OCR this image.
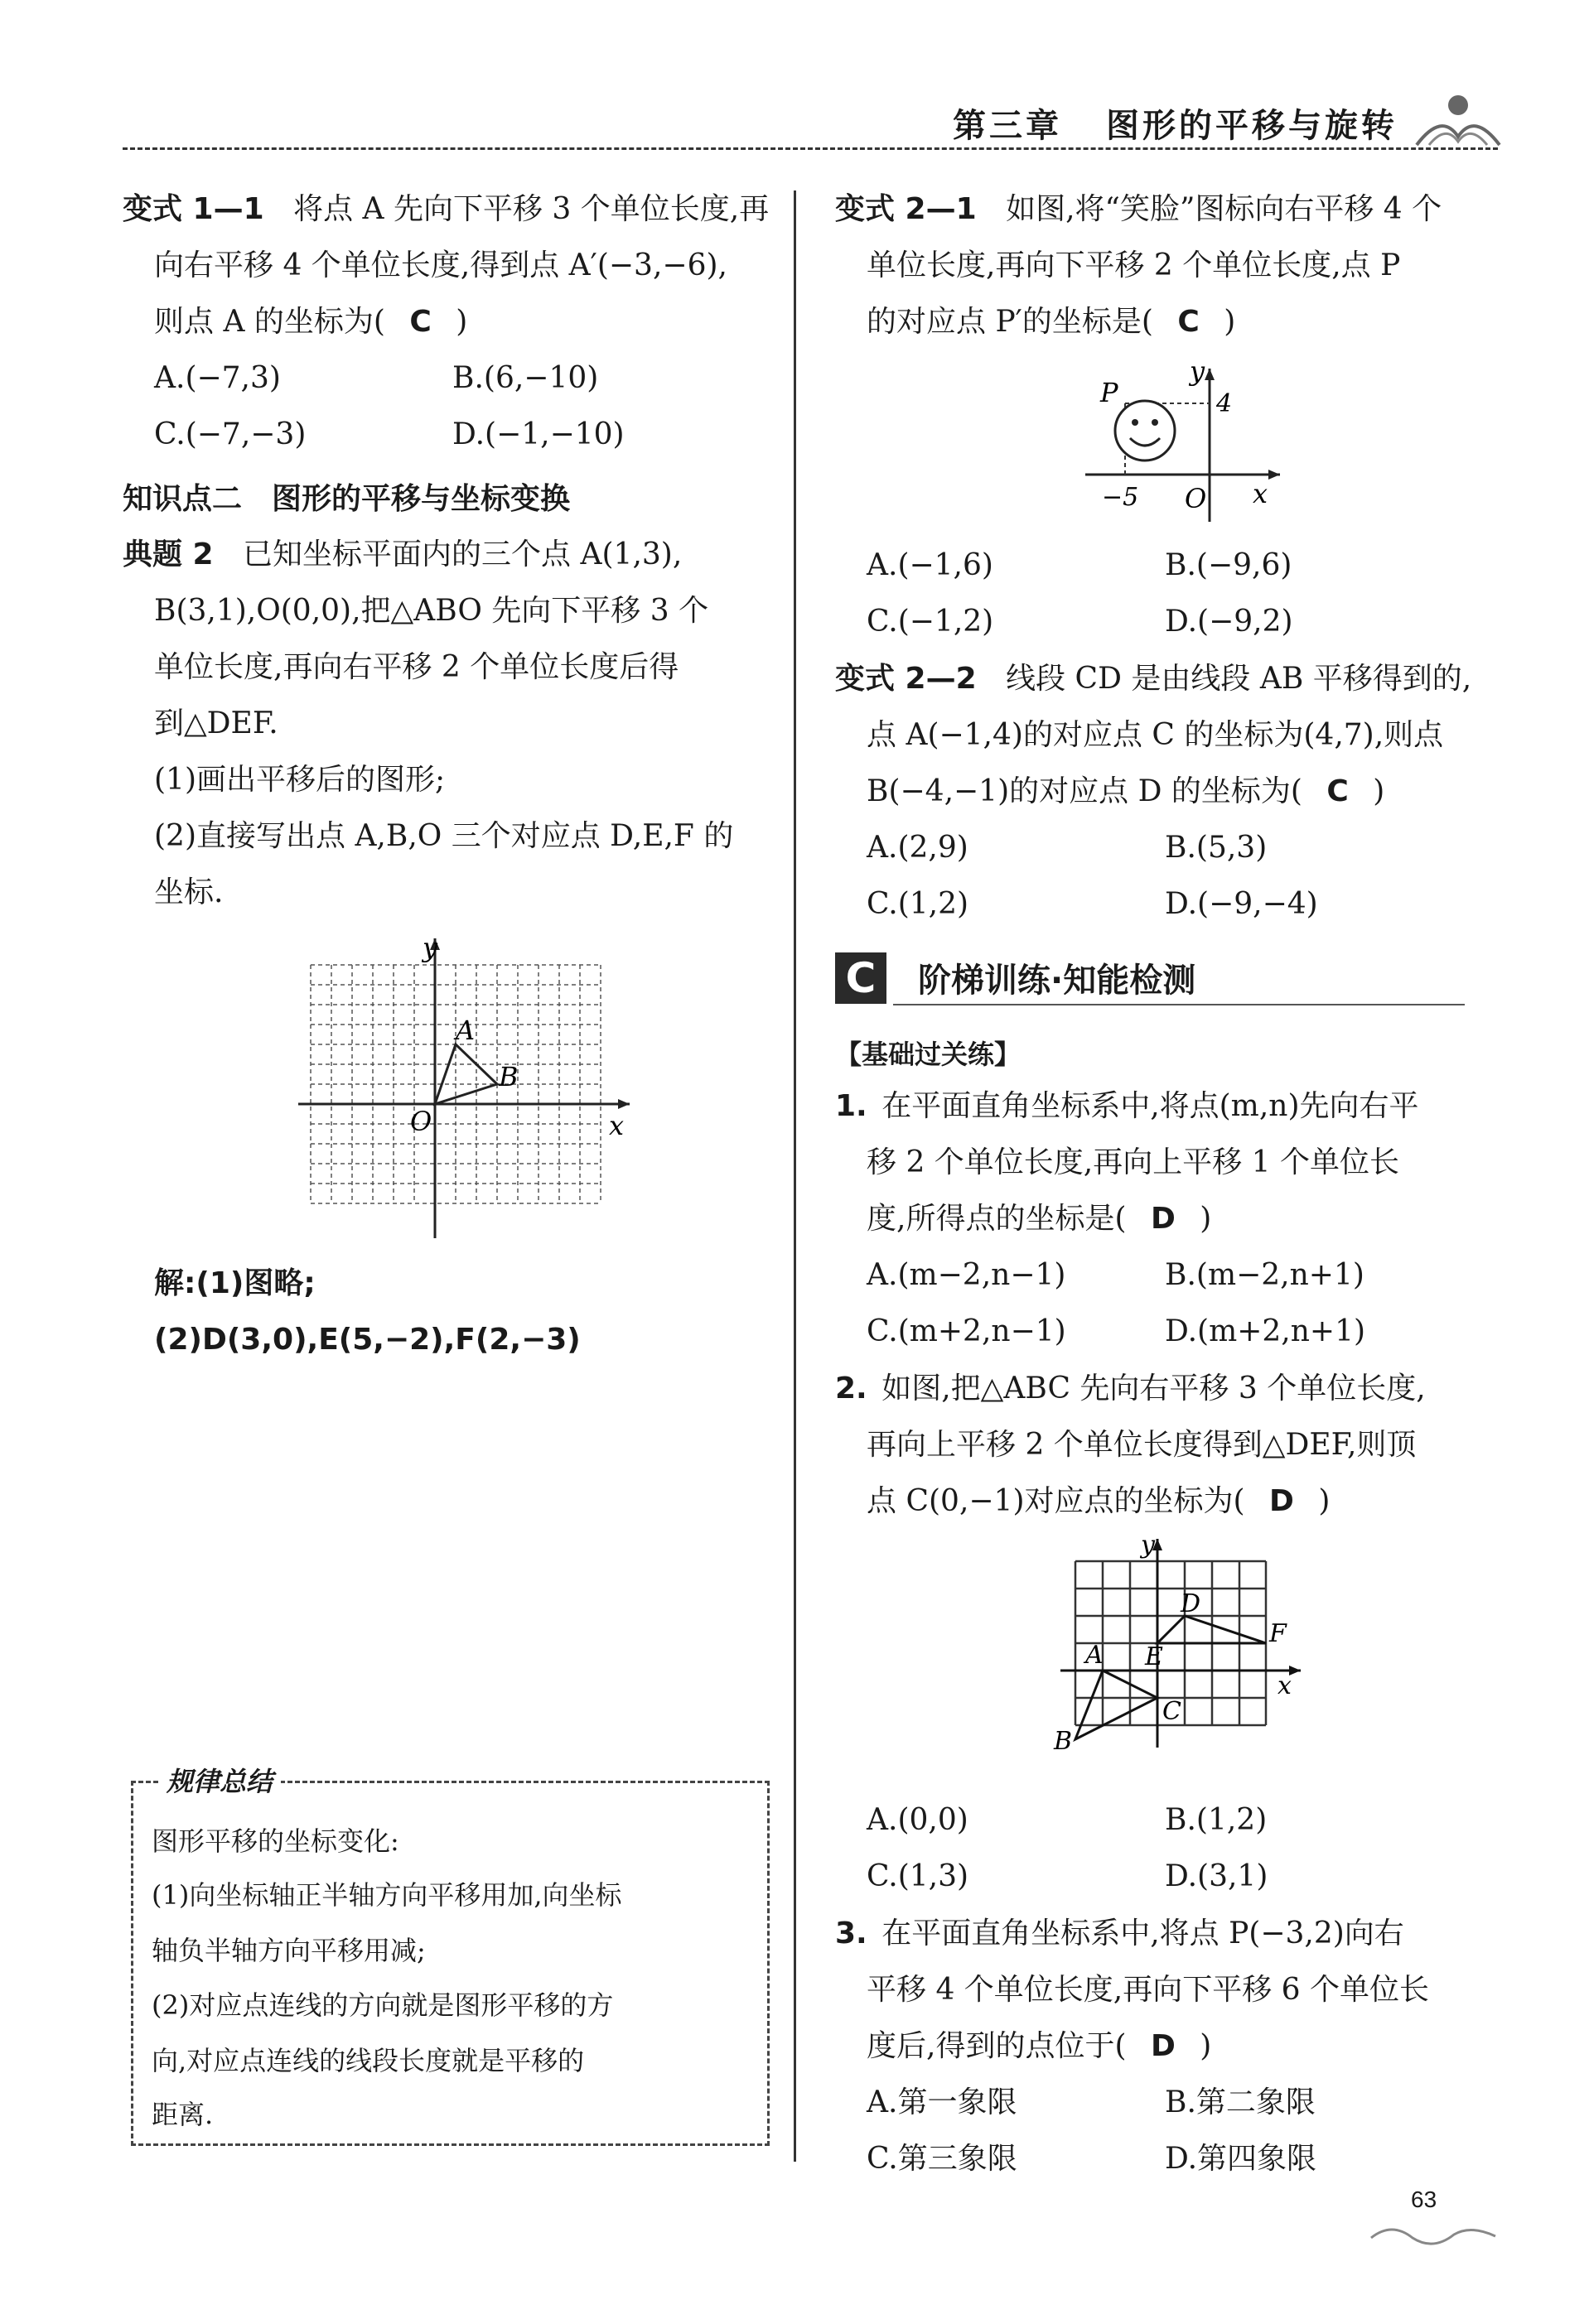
第三章 图形的平移与旋转
变式 1—1 将点 A 先向下平移 3 个单位长度,再
向右平移 4 个单位长度,得到点 A′(−3,−6),
则点 A 的坐标为( C )
A.(−7,3)	B.(6,−10)
C.(−7,−3)	D.(−1,−10)
知识点二　图形的平移与坐标变换
典题 2 已知坐标平面内的三个点 A(1,3),
B(3,1),O(0,0),把△ABO 先向下平移 3 个
单位长度,再向右平移 2 个单位长度后得
到△DEF.
(1)画出平移后的图形;
(2)直接写出点 A,B,O 三个对应点 D,E,F 的
坐标.
y
x
O
A
B
解:(1)图略;
(2)D(3,0),E(5,−2),F(2,−3)
规律总结
图形平移的坐标变化:
(1)向坐标轴正半轴方向平移用加,向坐标
轴负半轴方向平移用减;
(2)对应点连线的方向就是图形平移的方
向,对应点连线的线段长度就是平移的
距离.
变式 2—1 如图,将“笑脸”图标向右平移 4 个
单位长度,再向下平移 2 个单位长度,点 P
的对应点 P′的坐标是( C )
P
y
4
−5 O x
A.(−1,6)	B.(−9,6)
C.(−1,2)	D.(−9,2)
变式 2—2 线段 CD 是由线段 AB 平移得到的,
点 A(−1,4)的对应点 C 的坐标为(4,7),则点
B(−4,−1)的对应点 D 的坐标为( C )
A.(2,9)	B.(5,3)
C.(1,2)	D.(−9,−4)
C	阶梯训练·知能检测
【基础过关练】
1. 在平面直角坐标系中,将点(m,n)先向右平
移 2 个单位长度,再向上平移 1 个单位长
度,所得点的坐标是( D )
A.(m−2,n−1)	B.(m−2,n+1)
C.(m+2,n−1)	D.(m+2,n+1)
2. 如图,把△ABC 先向右平移 3 个单位长度,
再向上平移 2 个单位长度得到△DEF,则顶
点 C(0,−1)对应点的坐标为( D )
y
x
A
B
C
D
E
F
A.(0,0)	B.(1,2)
C.(1,3)	D.(3,1)
3. 在平面直角坐标系中,将点 P(−3,2)向右
平移 4 个单位长度,再向下平移 6 个单位长
度后,得到的点位于( D )
A.第一象限	B.第二象限
C.第三象限	D.第四象限
63
